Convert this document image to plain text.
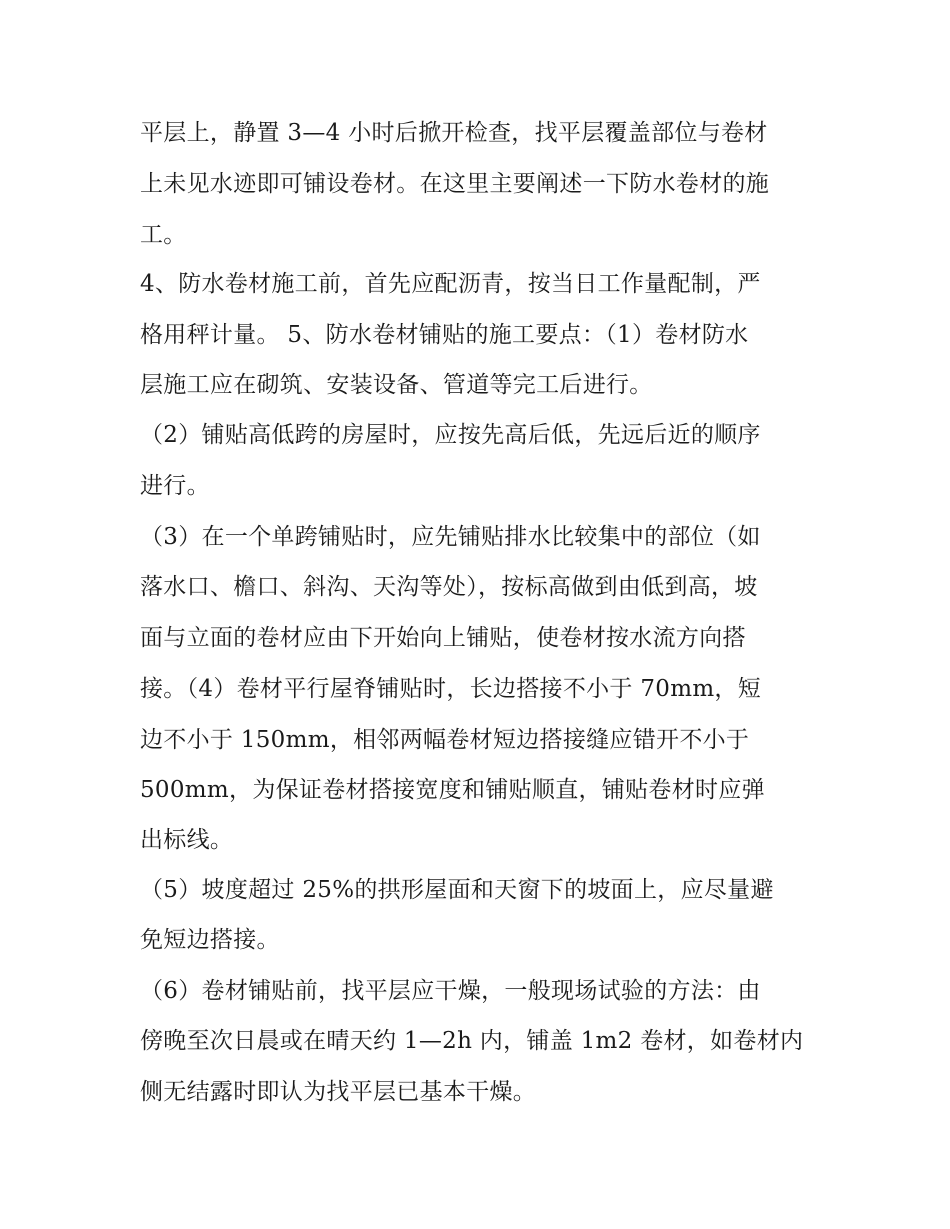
平层上，静置 3—4 小时后掀开检查，找平层覆盖部位与卷材
上未见水迹即可铺设卷材。在这里主要阐述一下防水卷材的施
工。
4、防水卷材施工前，首先应配沥青，按当日工作量配制，严
格用秤计量。 5、防水卷材铺贴的施工要点：（1）卷材防水
层施工应在砌筑、安装设备、管道等完工后进行。
（2）铺贴高低跨的房屋时，应按先高后低，先远后近的顺序
进行。
（3）在一个单跨铺贴时，应先铺贴排水比较集中的部位（如
落水口、檐口、斜沟、天沟等处），按标高做到由低到高，坡
面与立面的卷材应由下开始向上铺贴，使卷材按水流方向搭
接。（4）卷材平行屋脊铺贴时，长边搭接不小于 70mm，短
边不小于 150mm，相邻两幅卷材短边搭接缝应错开不小于
500mm，为保证卷材搭接宽度和铺贴顺直，铺贴卷材时应弹
出标线。
（5）坡度超过 25%的拱形屋面和天窗下的坡面上，应尽量避
免短边搭接。
（6）卷材铺贴前，找平层应干燥，一般现场试验的方法：由
傍晚至次日晨或在晴天约 1—2h 内，铺盖 1m2 卷材，如卷材内
侧无结露时即认为找平层已基本干燥。
